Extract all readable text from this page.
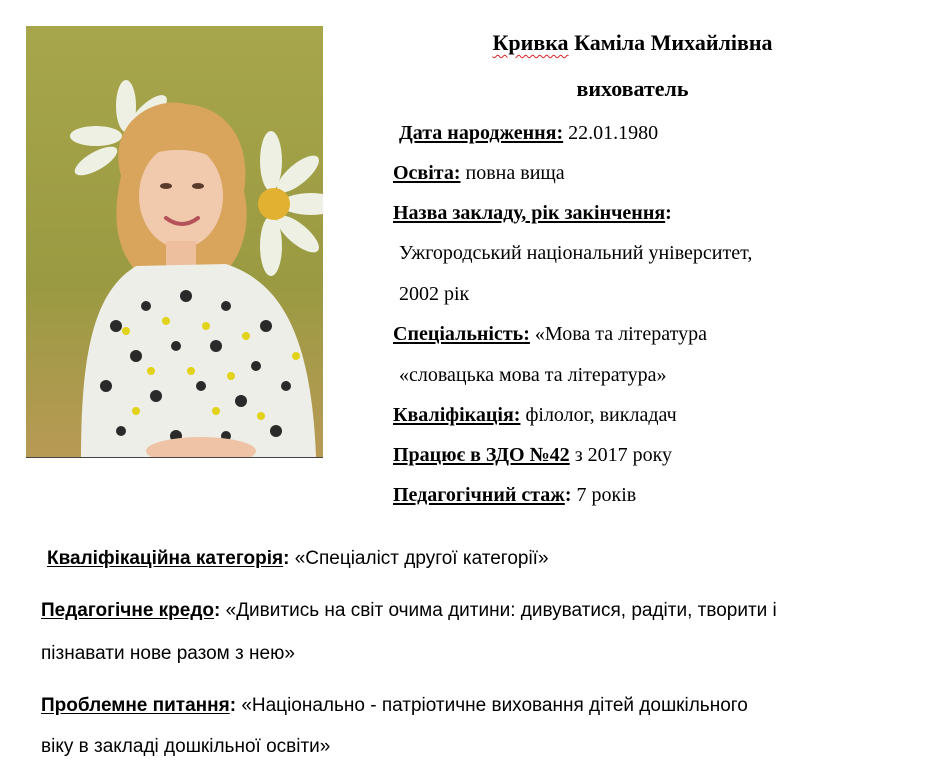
Кривка Каміла Михайлівна
вихователь
Дата народження: 22.01.1980
Освіта: повна вища
Назва закладу, рік закінчення:
Ужгородський національний університет,
2002 рік
Спеціальність: «Мова та література
«словацька мова та література»
Кваліфікація: філолог, викладач
Працює в ЗДО №42 з 2017 року
Педагогічний стаж: 7 років
Кваліфікаційна категорія: «Спеціаліст другої категорії»
Педагогічне кредо: «Дивитись на світ очима дитини: дивуватися, радіти, творити і
пізнавати нове разом з нею»
Проблемне питання: «Національно - патріотичне виховання дітей дошкільного
віку в закладі дошкільної освіти»
